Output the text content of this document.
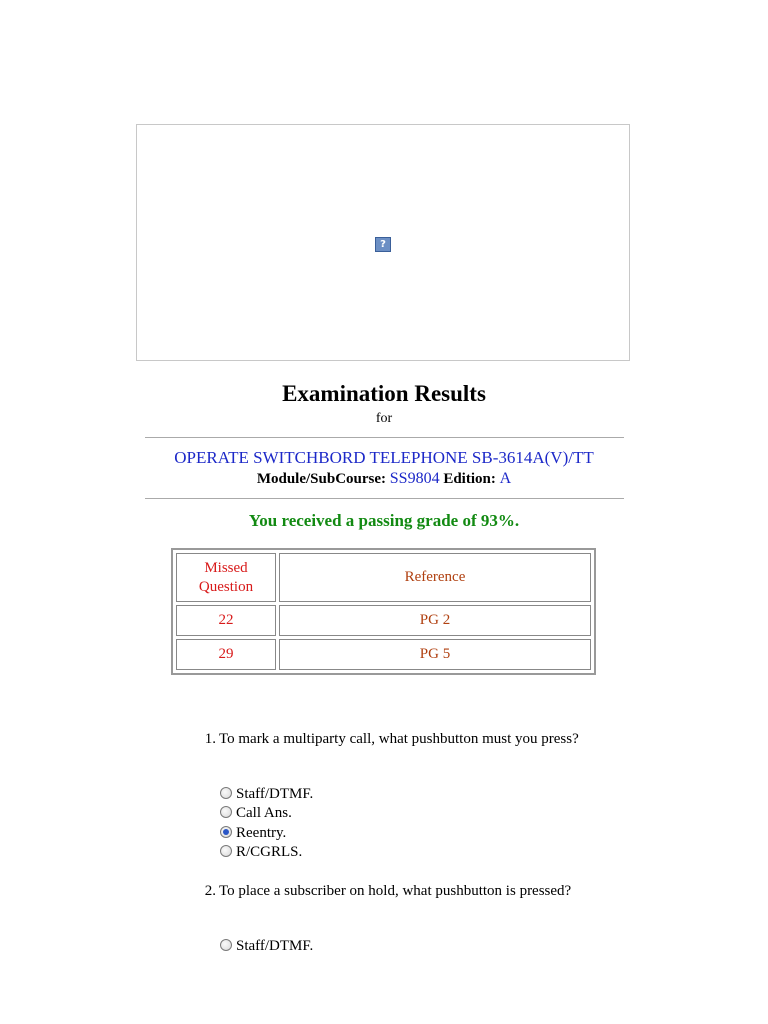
?
Examination Results
for
OPERATE SWITCHBORD TELEPHONE SB-3614A(V)/TT
Module/SubCourse: SS9804 Edition: A
You received a passing grade of 93%.
Missed Question	Reference
22	PG 2
29	PG 5
1. To mark a multiparty call, what pushbutton must you press?
Staff/DTMF.
Call Ans.
Reentry.
R/CGRLS.
2. To place a subscriber on hold, what pushbutton is pressed?
Staff/DTMF.
